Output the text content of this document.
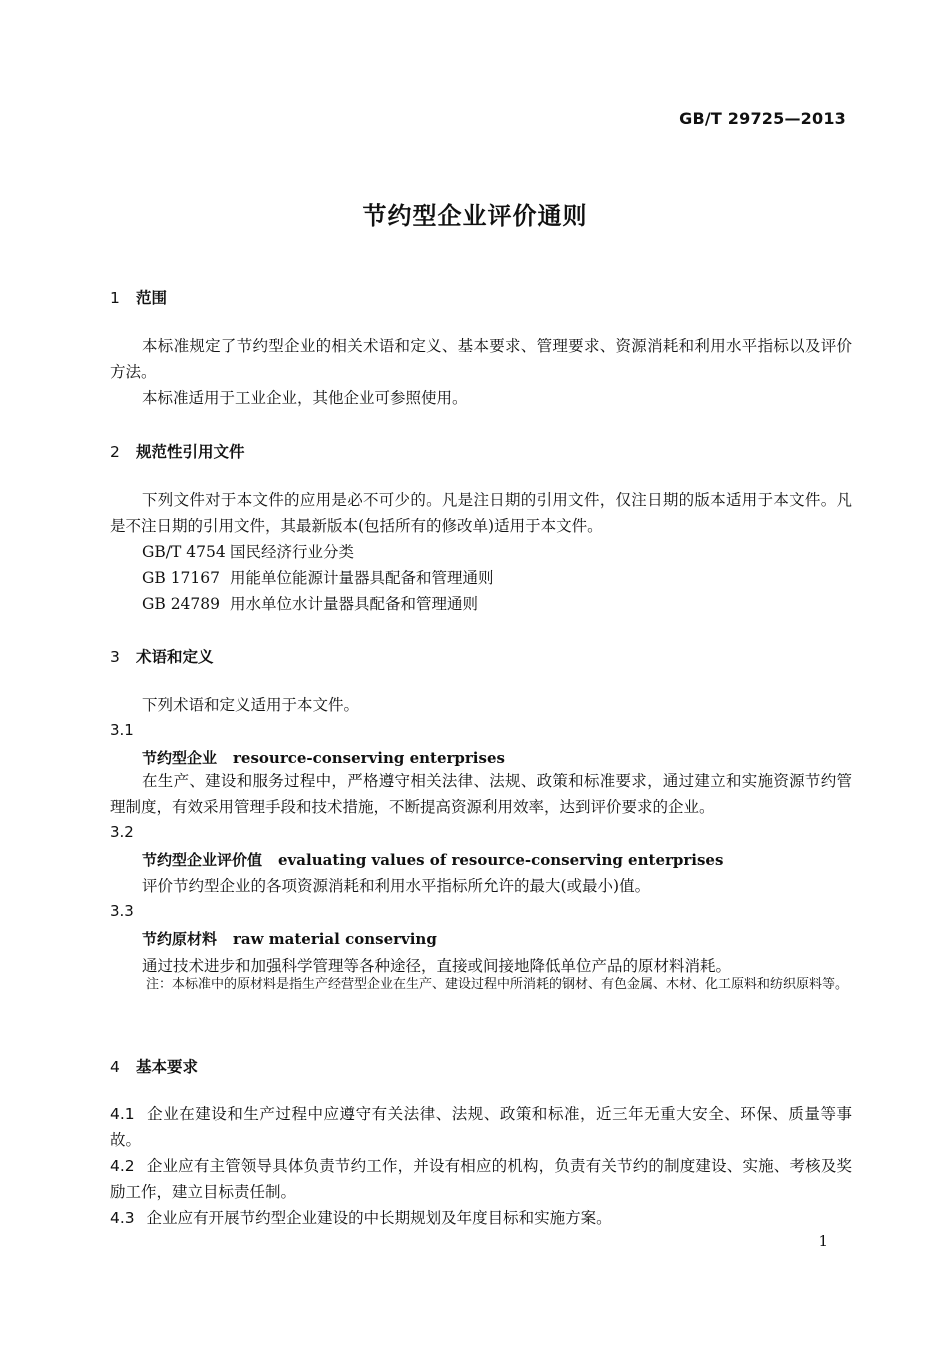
GB/T 29725—2013
节约型企业评价通则
1 范围
本标准规定了节约型企业的相关术语和定义、基本要求、管理要求、资源消耗和利用水平指标以及评价方法。
本标准适用于工业企业，其他企业可参照使用。
2 规范性引用文件
下列文件对于本文件的应用是必不可少的。凡是注日期的引用文件，仅注日期的版本适用于本文件。凡是不注日期的引用文件，其最新版本(包括所有的修改单)适用于本文件。
GB/T 4754 国民经济行业分类
GB 17167 用能单位能源计量器具配备和管理通则
GB 24789 用水单位水计量器具配备和管理通则
3 术语和定义
下列术语和定义适用于本文件。
3.1
节约型企业 resource-conserving enterprises
在生产、建设和服务过程中，严格遵守相关法律、法规、政策和标准要求，通过建立和实施资源节约管理制度，有效采用管理手段和技术措施，不断提高资源利用效率，达到评价要求的企业。
3.2
节约型企业评价值 evaluating values of resource-conserving enterprises
评价节约型企业的各项资源消耗和利用水平指标所允许的最大(或最小)值。
3.3
节约原材料 raw material conserving
通过技术进步和加强科学管理等各种途径，直接或间接地降低单位产品的原材料消耗。
注：本标准中的原材料是指生产经营型企业在生产、建设过程中所消耗的钢材、有色金属、木材、化工原料和纺织原料等。
4 基本要求
4.1 企业在建设和生产过程中应遵守有关法律、法规、政策和标准，近三年无重大安全、环保、质量等事故。
4.2 企业应有主管领导具体负责节约工作，并设有相应的机构，负责有关节约的制度建设、实施、考核及奖励工作，建立目标责任制。
4.3 企业应有开展节约型企业建设的中长期规划及年度目标和实施方案。
1
